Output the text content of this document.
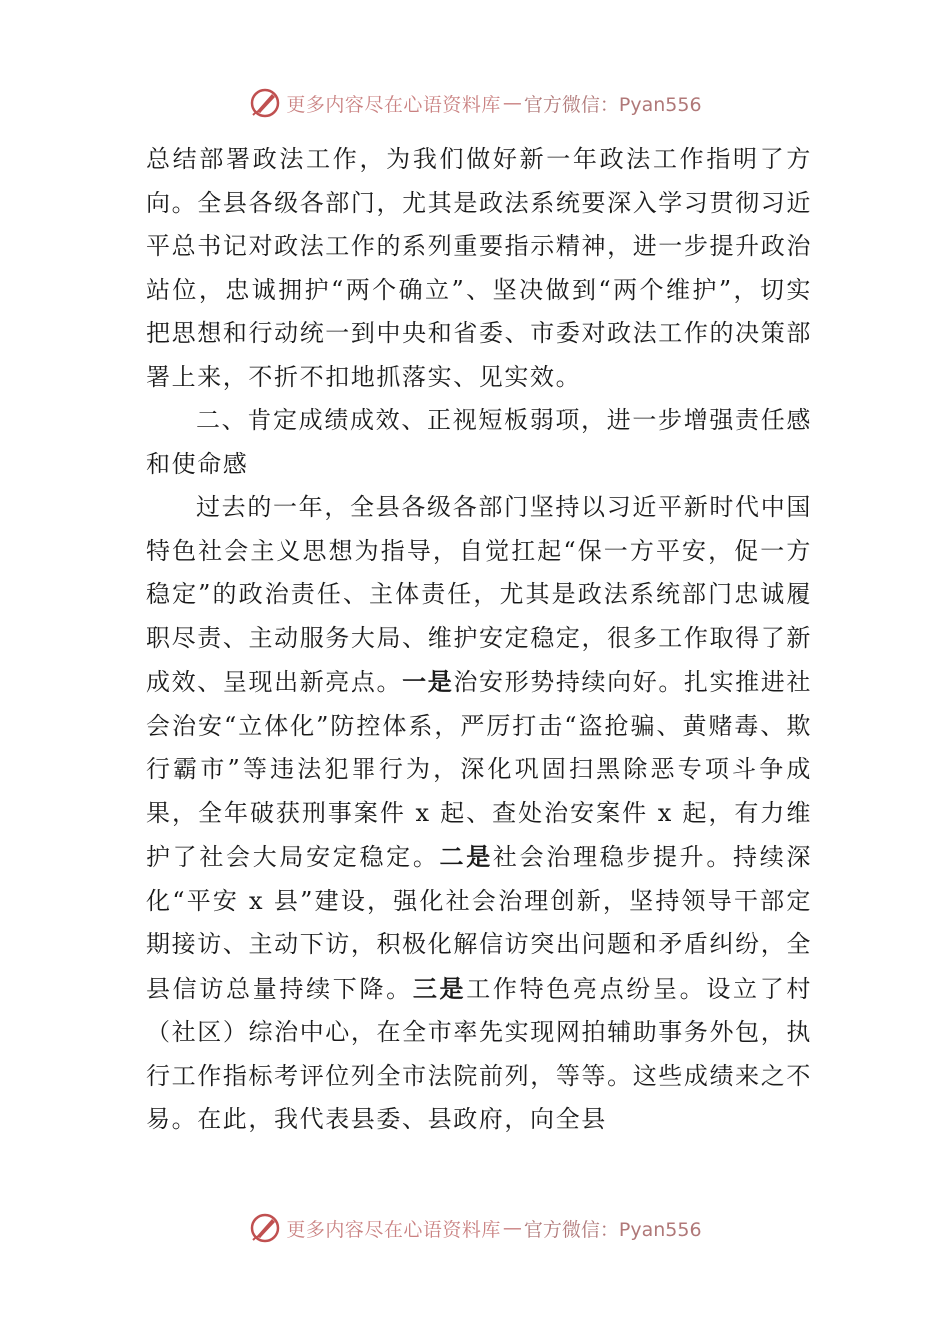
更多内容尽在心语资料库 — 官方微信：Pyan556

总结部署政法工作，为我们做好新一年政法工作指明了方向。全县各级各部门，尤其是政法系统要深入学习贯彻习近平总书记对政法工作的系列重要指示精神，进一步提升政治站位，忠诚拥护“两个确立”、坚决做到“两个维护”，切实把思想和行动统一到中央和省委、市委对政法工作的决策部署上来，不折不扣地抓落实、见实效。

二、肯定成绩成效、正视短板弱项，进一步增强责任感和使命感

过去的一年，全县各级各部门坚持以习近平新时代中国特色社会主义思想为指导，自觉扛起“保一方平安，促一方稳定”的政治责任、主体责任，尤其是政法系统部门忠诚履职尽责、主动服务大局、维护安定稳定，很多工作取得了新成效、呈现出新亮点。一是治安形势持续向好。扎实推进社会治安“立体化”防控体系，严厉打击“盗抢骗、黄赌毒、欺行霸市”等违法犯罪行为，深化巩固扫黑除恶专项斗争成果，全年破获刑事案件 x 起、查处治安案件 x 起，有力维护了社会大局安定稳定。二是社会治理稳步提升。持续深化“平安 x 县”建设，强化社会治理创新，坚持领导干部定期接访、主动下访，积极化解信访突出问题和矛盾纠纷，全县信访总量持续下降。三是工作特色亮点纷呈。设立了村（社区）综治中心，在全市率先实现网拍辅助事务外包，执行工作指标考评位列全市法院前列，等等。这些成绩来之不易。在此，我代表县委、县政府，向全县

更多内容尽在心语资料库 — 官方微信：Pyan556
